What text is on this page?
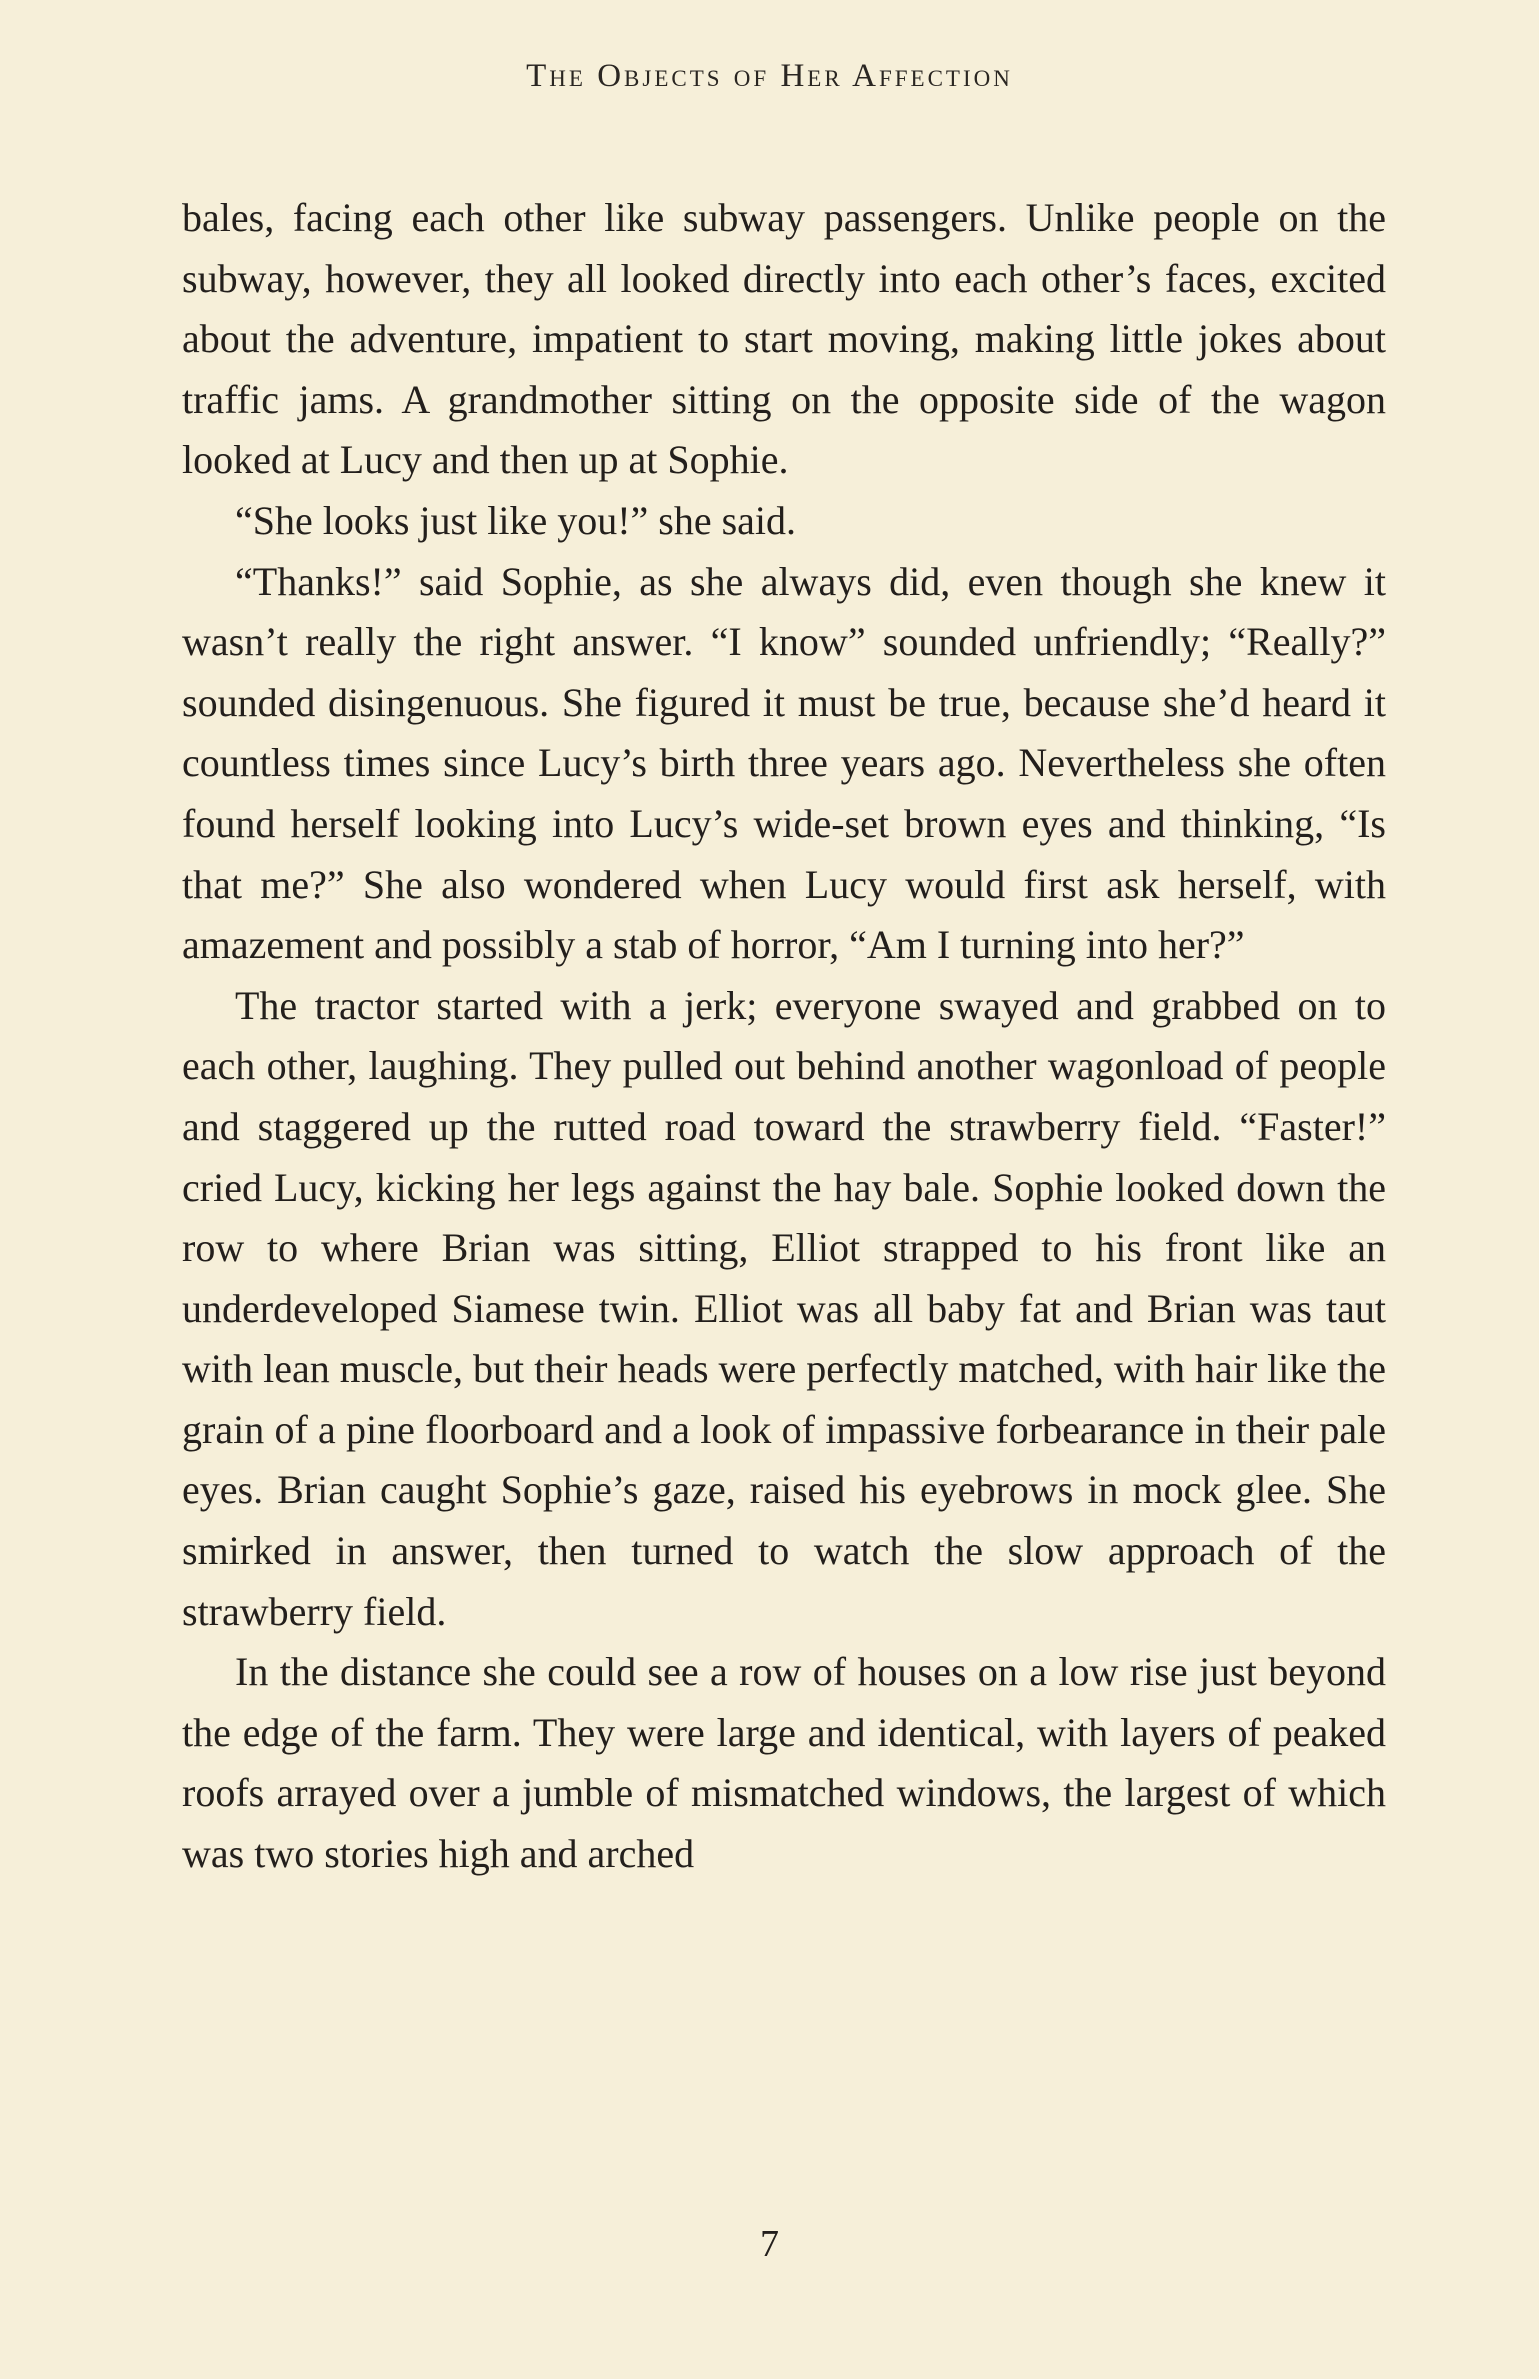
The Objects of Her Affection

bales, facing each other like subway passengers. Unlike people on the subway, however, they all looked directly into each other’s faces, excited about the adventure, impatient to start moving, making little jokes about traffic jams. A grandmother sitting on the opposite side of the wagon looked at Lucy and then up at Sophie.

“She looks just like you!” she said.

“Thanks!” said Sophie, as she always did, even though she knew it wasn’t really the right answer. “I know” sounded unfriendly; “Really?” sounded disingenuous. She figured it must be true, because she’d heard it countless times since Lucy’s birth three years ago. Nevertheless she often found herself looking into Lucy’s wide-set brown eyes and thinking, “Is that me?” She also wondered when Lucy would first ask herself, with amazement and possibly a stab of horror, “Am I turning into her?”

The tractor started with a jerk; everyone swayed and grabbed on to each other, laughing. They pulled out behind another wagonload of people and staggered up the rutted road toward the strawberry field. “Faster!” cried Lucy, kicking her legs against the hay bale. Sophie looked down the row to where Brian was sitting, Elliot strapped to his front like an underdeveloped Siamese twin. Elliot was all baby fat and Brian was taut with lean muscle, but their heads were perfectly matched, with hair like the grain of a pine floorboard and a look of impassive forbearance in their pale eyes. Brian caught Sophie’s gaze, raised his eyebrows in mock glee. She smirked in answer, then turned to watch the slow approach of the strawberry field.

In the distance she could see a row of houses on a low rise just beyond the edge of the farm. They were large and identical, with layers of peaked roofs arrayed over a jumble of mismatched windows, the largest of which was two stories high and arched

7
